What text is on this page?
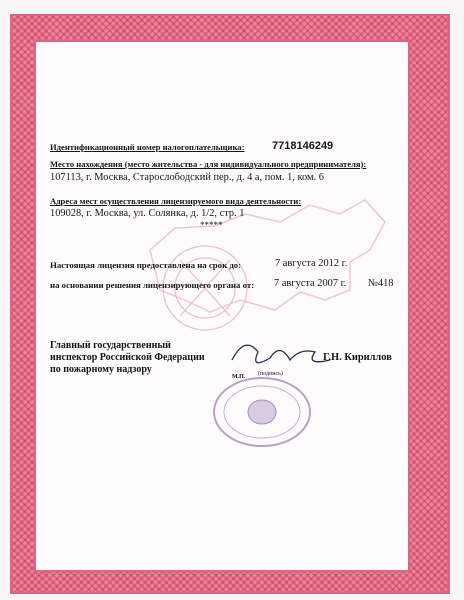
Идентификационный номер налогоплательщика:	7718146249
Место нахождения (место жительства - для индивидуального предпринимателя):
107113, г. Москва, Старослободский пер., д. 4 а, пом. 1, ком. 6
Адреса мест осуществления лицензируемого вида деятельности:
109028, г. Москва, ул. Солянка, д. 1/2, стр. 1
*****
Настоящая лицензия предоставлена на срок до:	7 августа 2012 г.
на основании решения лицензирующего органа от: 7 августа 2007 г. №418
Главный государственный
инспектор Российской Федерации
по пожарному надзору
Г.Н. Кириллов
(подпись)
М.П.
